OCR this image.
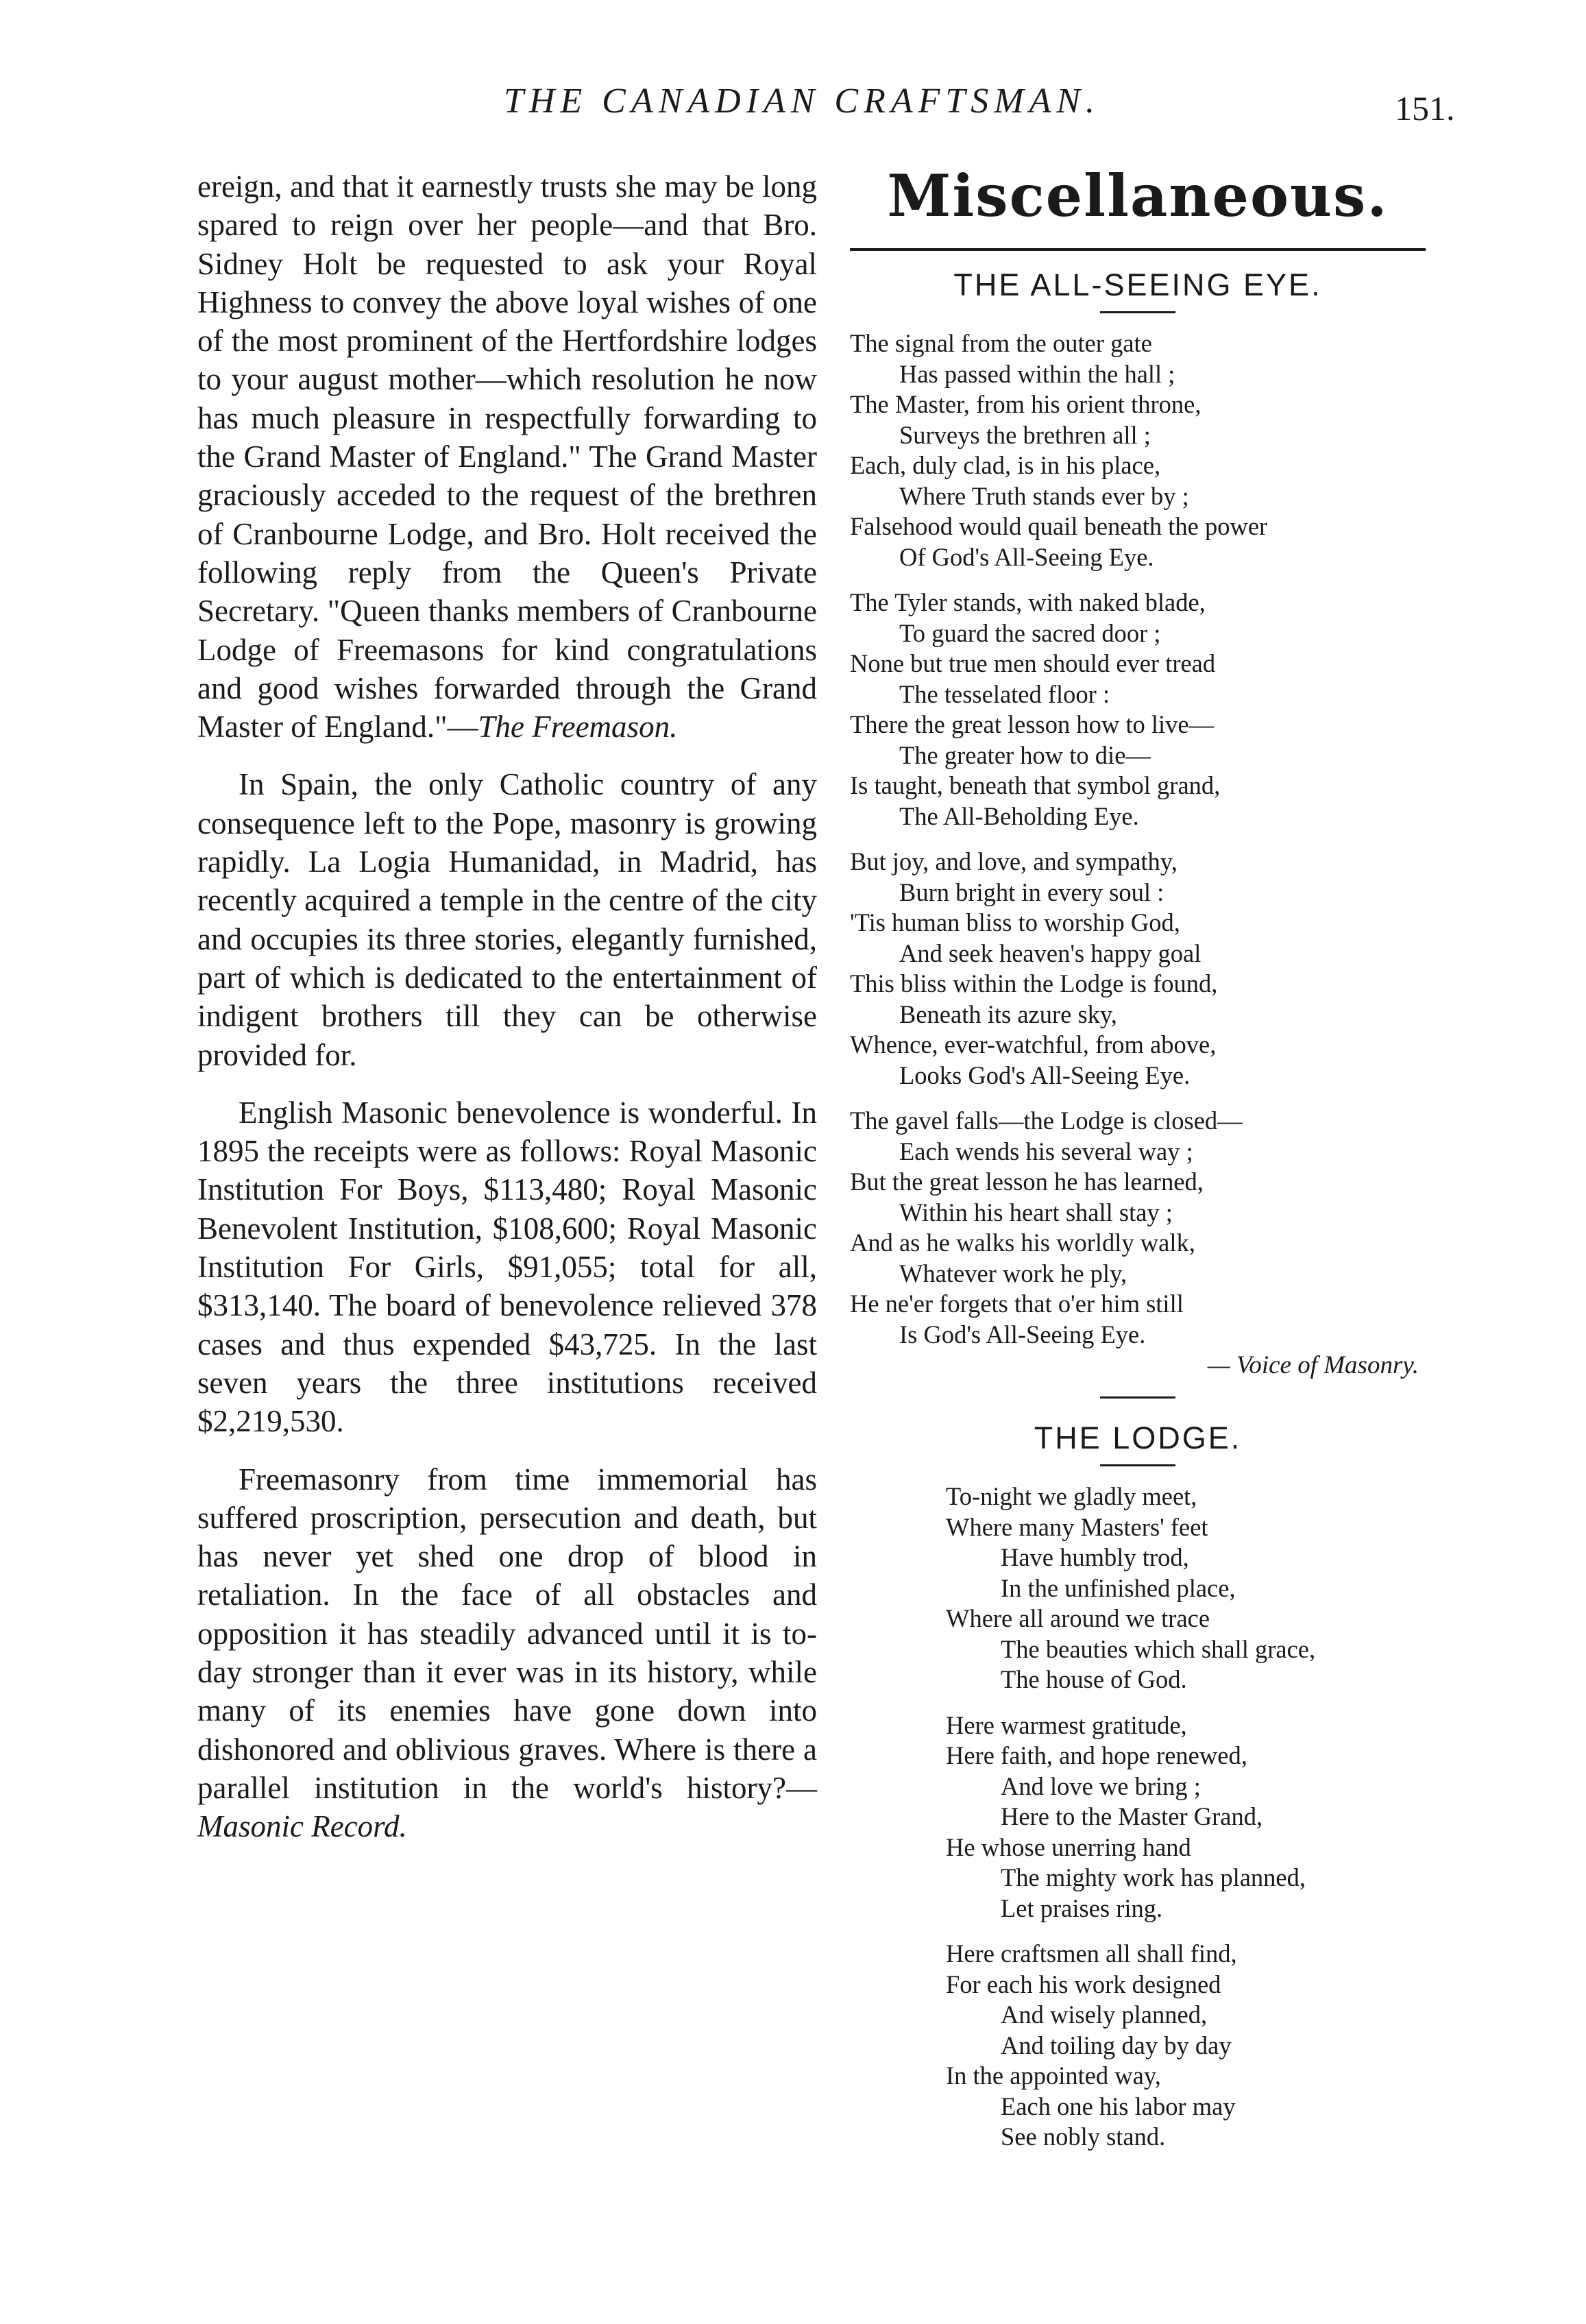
THE CANADIAN CRAFTSMAN.	151.

ereign, and that it earnestly trusts she may be long spared to reign over her people—and that Bro. Sidney Holt be requested to ask your Royal Highness to convey the above loyal wishes of one of the most prominent of the Hertfordshire lodges to your august mother—which resolution he now has much pleasure in respectfully forwarding to the Grand Master of England." The Grand Master graciously acceded to the request of the brethren of Cranbourne Lodge, and Bro. Holt received the following reply from the Queen's Private Secretary. "Queen thanks members of Cranbourne Lodge of Freemasons for kind congratulations and good wishes forwarded through the Grand Master of England."—The Freemason.

In Spain, the only Catholic country of any consequence left to the Pope, masonry is growing rapidly. La Logia Humanidad, in Madrid, has recently acquired a temple in the centre of the city and occupies its three stories, elegantly furnished, part of which is dedicated to the entertainment of indigent brothers till they can be otherwise provided for.

English Masonic benevolence is wonderful. In 1895 the receipts were as follows: Royal Masonic Institution For Boys, $113,480; Royal Masonic Benevolent Institution, $108,600; Royal Masonic Institution For Girls, $91,055; total for all, $313,140. The board of benevolence relieved 378 cases and thus expended $43,725. In the last seven years the three institutions received $2,219,530.

Freemasonry from time immemorial has suffered proscription, persecution and death, but has never yet shed one drop of blood in retaliation. In the face of all obstacles and opposition it has steadily advanced until it is to-day stronger than it ever was in its history, while many of its enemies have gone down into dishonored and oblivious graves. Where is there a parallel institution in the world's history?—Masonic Record.

Miscellaneous.
THE ALL-SEEING EYE.
The signal from the outer gate
Has passed within the hall ;
The Master, from his orient throne,
Surveys the brethren all ;
Each, duly clad, is in his place,
Where Truth stands ever by ;
Falsehood would quail beneath the power
Of God's All-Seeing Eye.
The Tyler stands, with naked blade,
To guard the sacred door ;
None but true men should ever tread
The tesselated floor :
There the great lesson how to live—
The greater how to die—
Is taught, beneath that symbol grand,
The All-Beholding Eye.
But joy, and love, and sympathy,
Burn bright in every soul :
'Tis human bliss to worship God,
And seek heaven's happy goal
This bliss within the Lodge is found,
Beneath its azure sky,
Whence, ever-watchful, from above,
Looks God's All-Seeing Eye.
The gavel falls—the Lodge is closed—
Each wends his several way ;
But the great lesson he has learned,
Within his heart shall stay ;
And as he walks his worldly walk,
Whatever work he ply,
He ne'er forgets that o'er him still
Is God's All-Seeing Eye.
— Voice of Masonry.
THE LODGE.
To-night we gladly meet,
Where many Masters' feet
Have humbly trod,
In the unfinished place,
Where all around we trace
The beauties which shall grace,
The house of God.
Here warmest gratitude,
Here faith, and hope renewed,
And love we bring ;
Here to the Master Grand,
He whose unerring hand
The mighty work has planned,
Let praises ring.
Here craftsmen all shall find,
For each his work designed
And wisely planned,
And toiling day by day
In the appointed way,
Each one his labor may
See nobly stand.
